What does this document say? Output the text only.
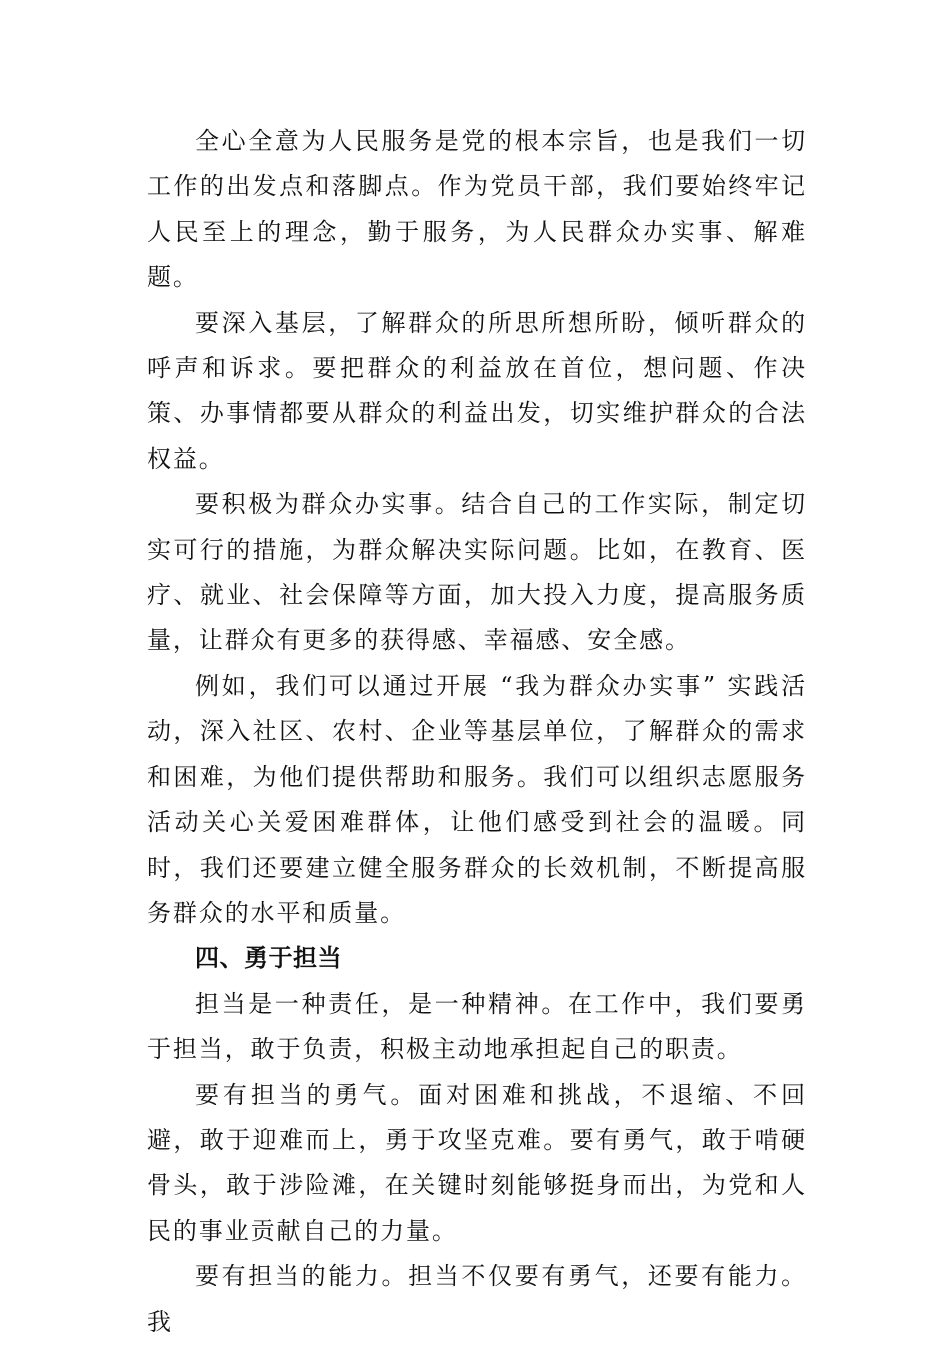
全心全意为人民服务是党的根本宗旨，也是我们一切工作的出发点和落脚点。作为党员干部，我们要始终牢记人民至上的理念，勤于服务，为人民群众办实事、解难题。

要深入基层，了解群众的所思所想所盼，倾听群众的呼声和诉求。要把群众的利益放在首位，想问题、作决策、办事情都要从群众的利益出发，切实维护群众的合法权益。

要积极为群众办实事。结合自己的工作实际，制定切实可行的措施，为群众解决实际问题。比如，在教育、医疗、就业、社会保障等方面，加大投入力度，提高服务质量，让群众有更多的获得感、幸福感、安全感。

例如，我们可以通过开展 “我为群众办实事” 实践活动，深入社区、农村、企业等基层单位，了解群众的需求和困难，为他们提供帮助和服务。我们可以组织志愿服务活动关心关爱困难群体，让他们感受到社会的温暖。同时，我们还要建立健全服务群众的长效机制，不断提高服务群众的水平和质量。

四、勇于担当

担当是一种责任，是一种精神。在工作中，我们要勇于担当，敢于负责，积极主动地承担起自己的职责。

要有担当的勇气。面对困难和挑战，不退缩、不回避，敢于迎难而上，勇于攻坚克难。要有勇气，敢于啃硬骨头，敢于涉险滩，在关键时刻能够挺身而出，为党和人民的事业贡献自己的力量。

要有担当的能力。担当不仅要有勇气，还要有能力。我
